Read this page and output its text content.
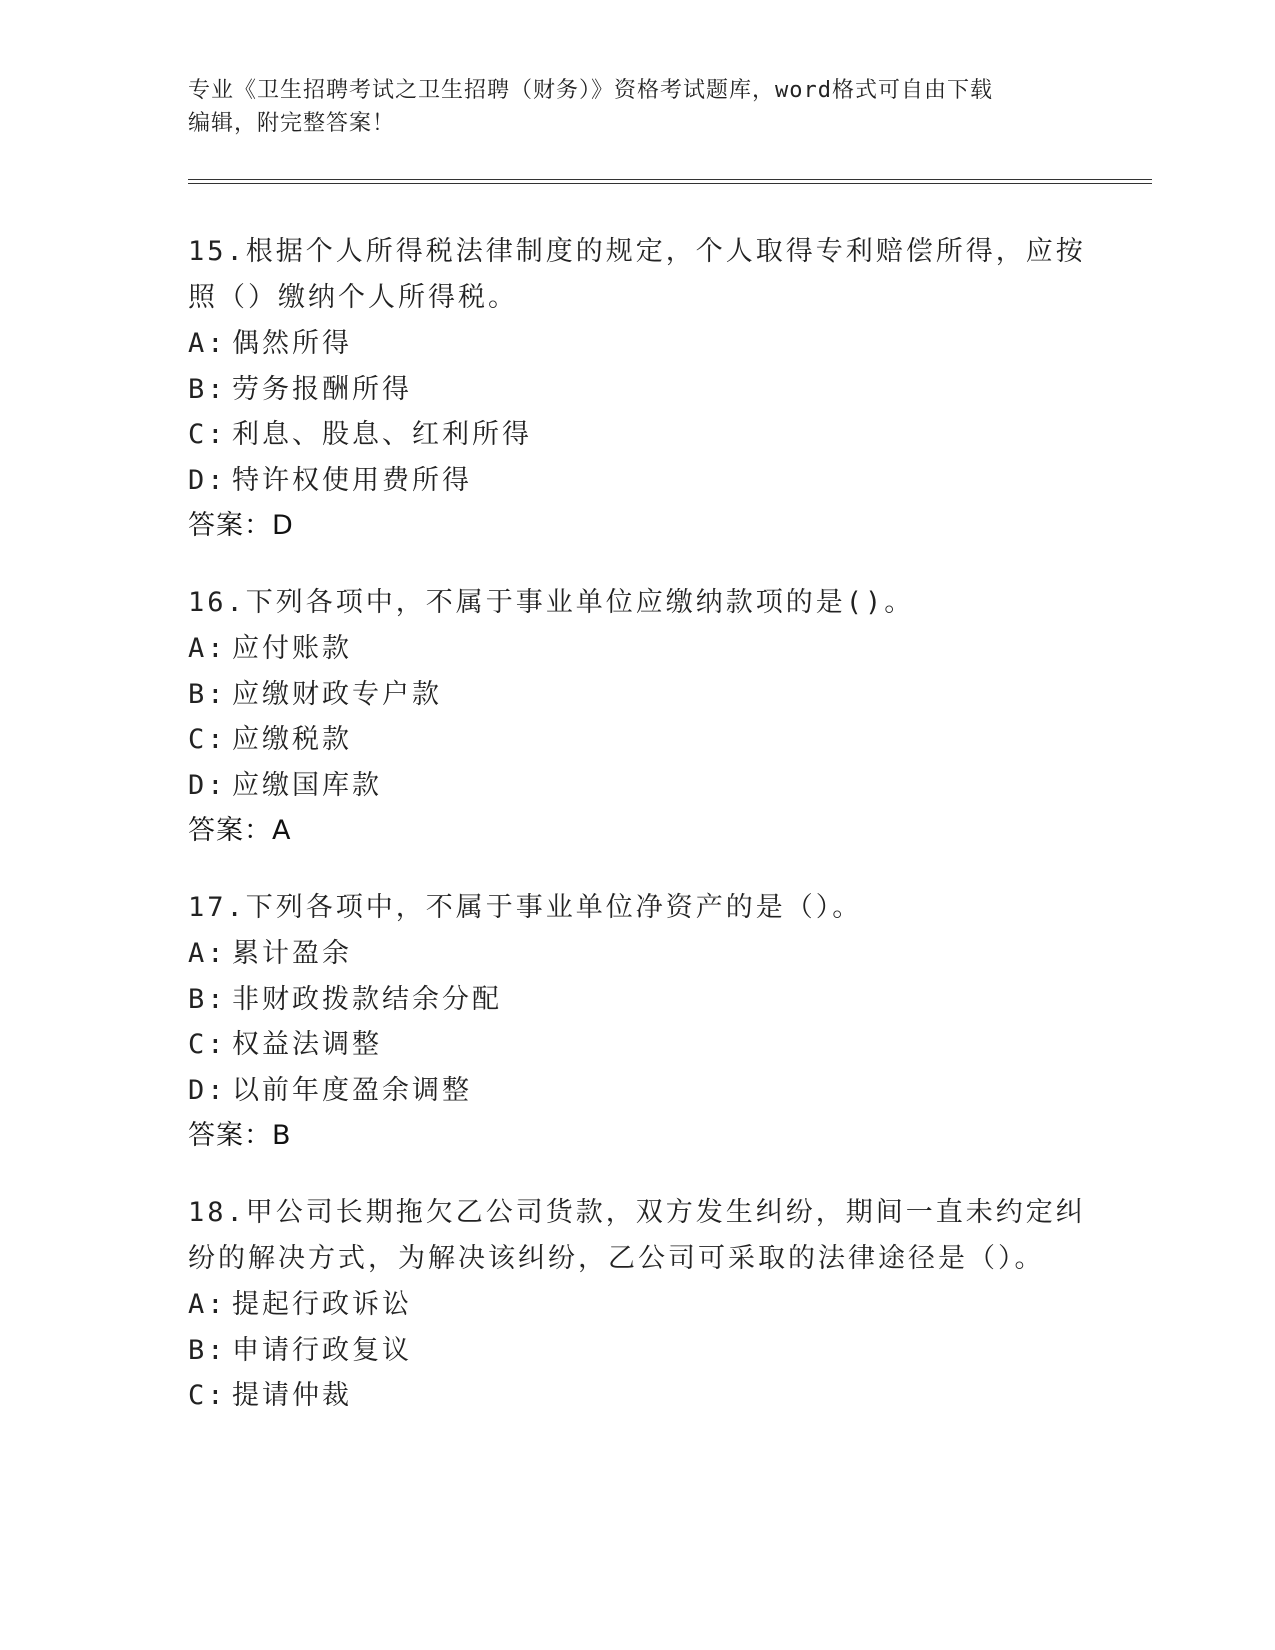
专业《卫生招聘考试之卫生招聘（财务）》资格考试题库，word格式可自由下载
编辑，附完整答案！

15.根据个人所得税法律制度的规定，个人取得专利赔偿所得，应按照（）缴纳个人所得税。

A: 偶然所得

B: 劳务报酬所得

C: 利息、股息、红利所得

D: 特许权使用费所得

答案：D

16.下列各项中，不属于事业单位应缴纳款项的是()。

A: 应付账款

B: 应缴财政专户款

C: 应缴税款

D: 应缴国库款

答案：A

17.下列各项中，不属于事业单位净资产的是（）。

A: 累计盈余

B: 非财政拨款结余分配

C: 权益法调整

D: 以前年度盈余调整

答案：B

18.甲公司长期拖欠乙公司货款，双方发生纠纷，期间一直未约定纠纷的解决方式，为解决该纠纷，乙公司可采取的法律途径是（）。

A: 提起行政诉讼

B: 申请行政复议

C: 提请仲裁
